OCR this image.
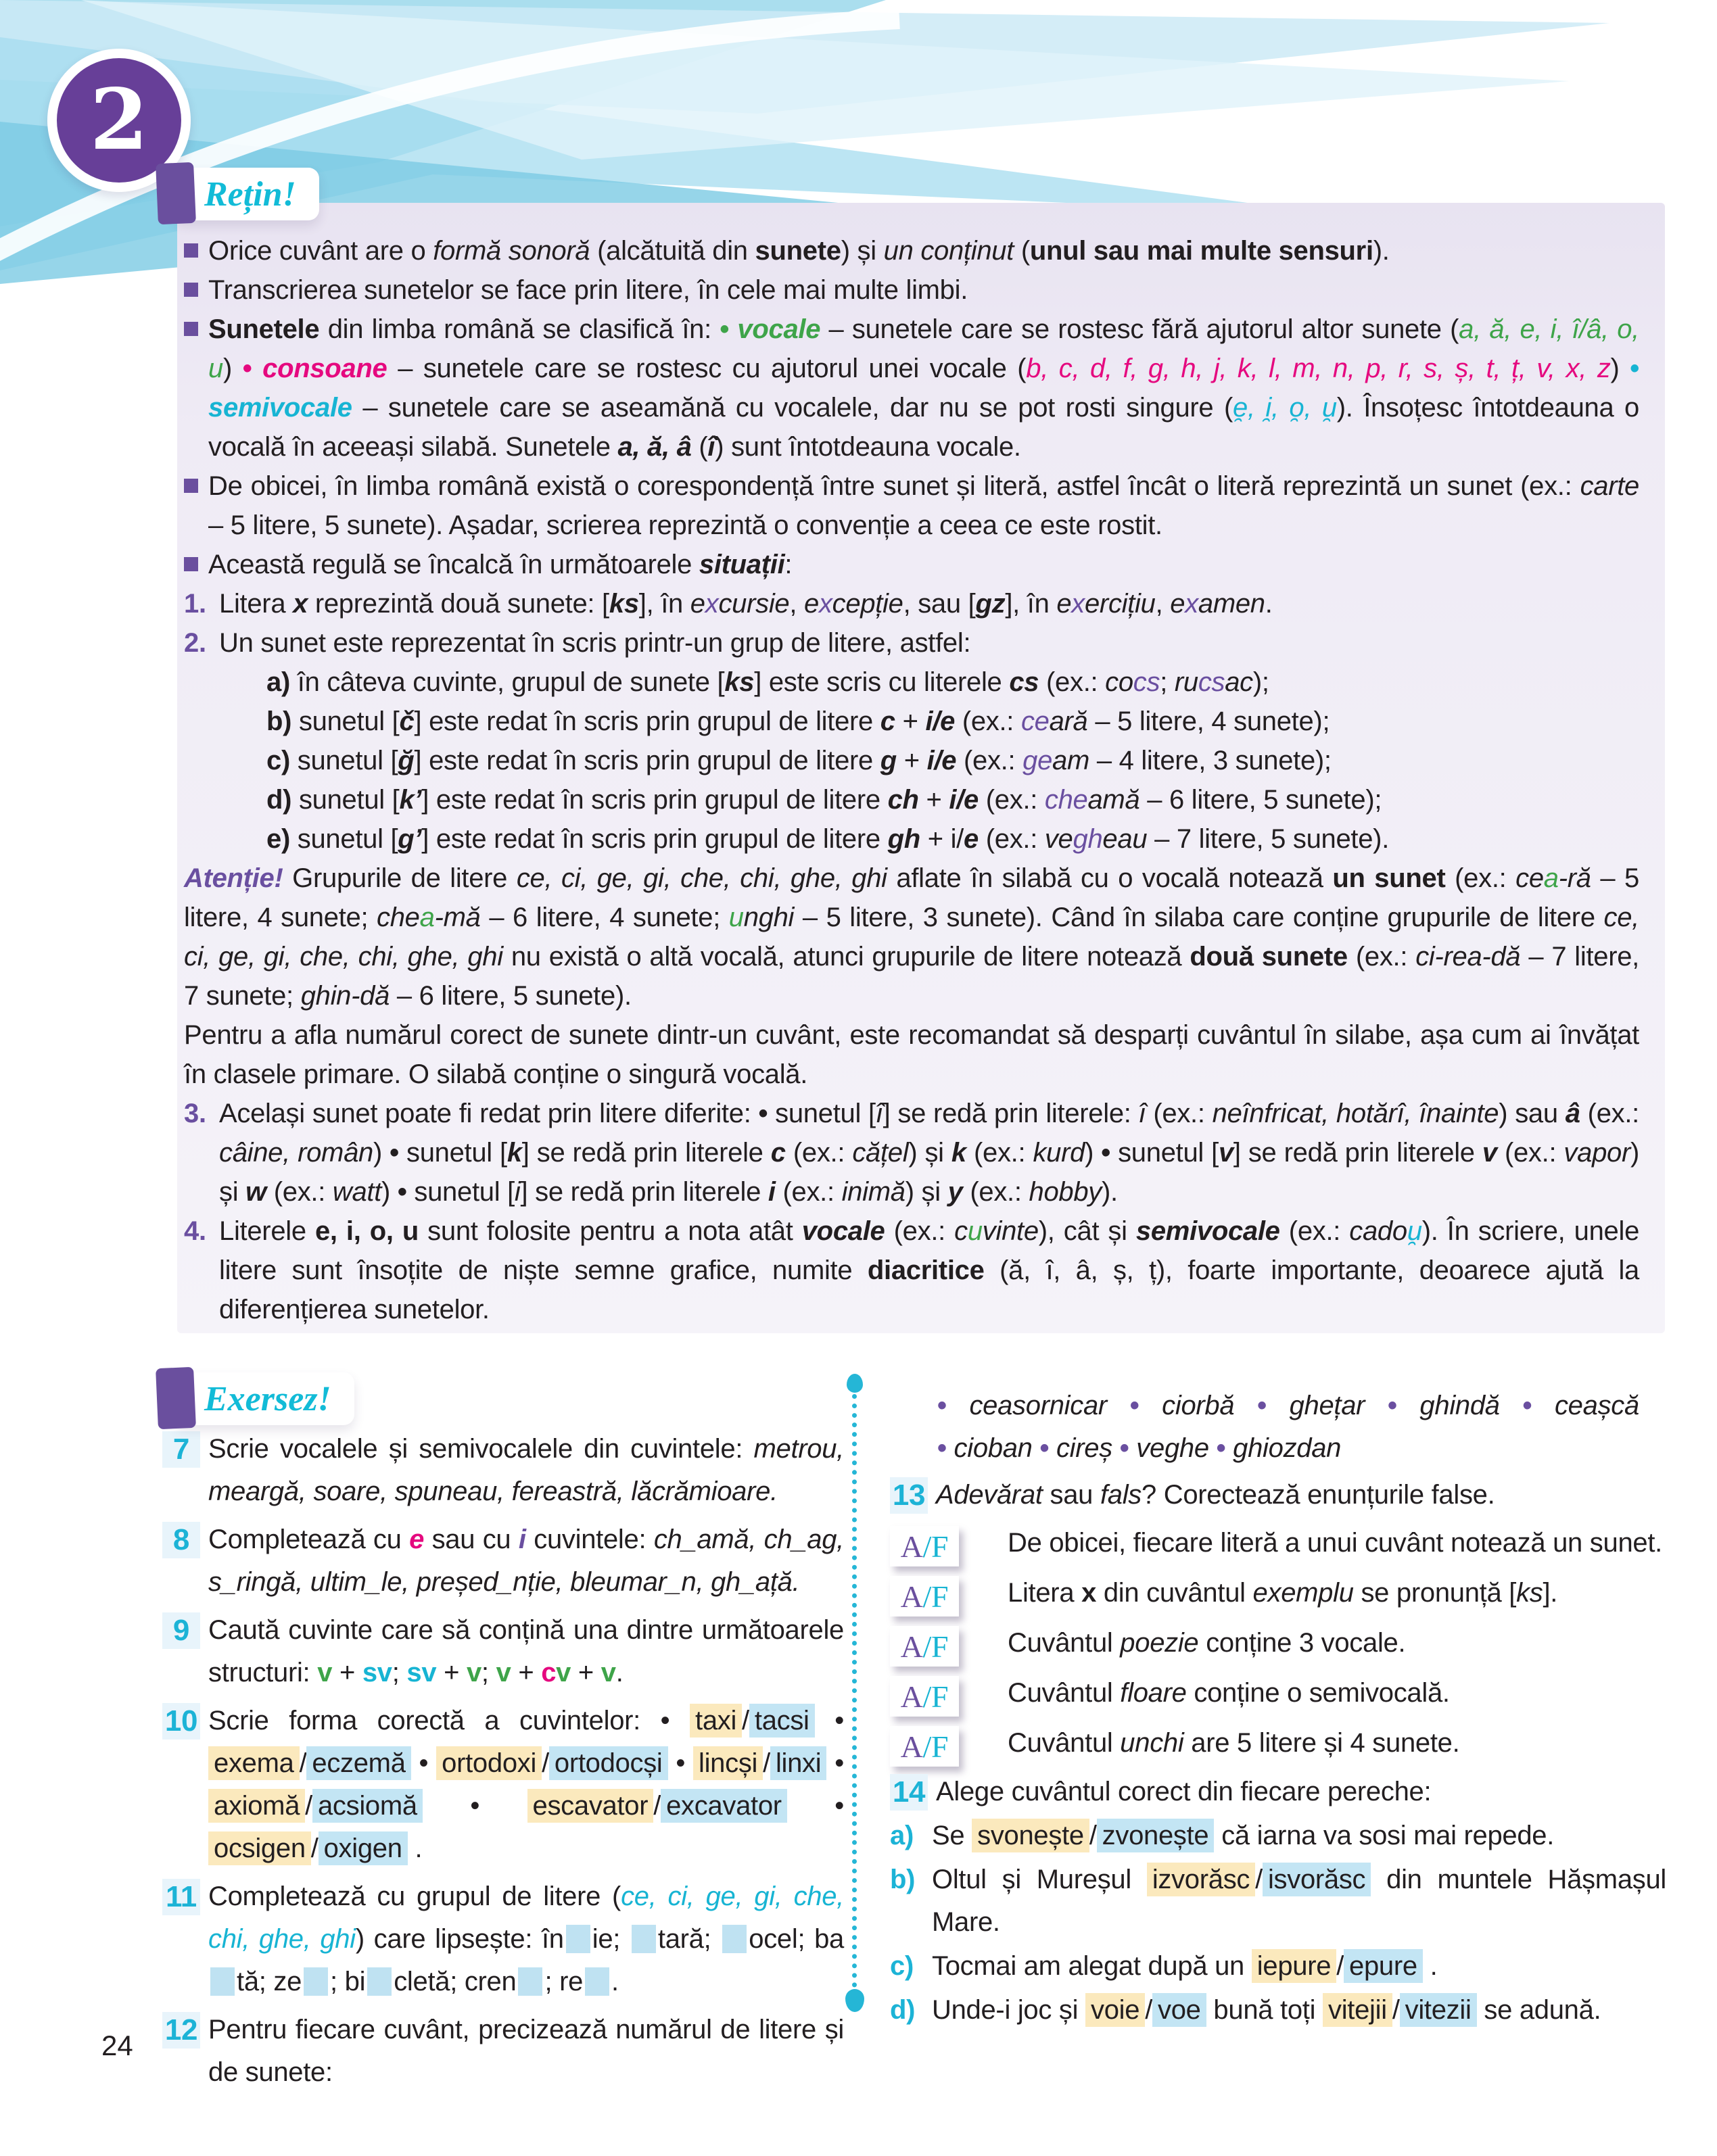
2
Rețin!
Orice cuvânt are o formă sonoră (alcătuită din sunete) și un conținut (unul sau mai multe sensuri).
Transcrierea sunetelor se face prin litere, în cele mai multe limbi.
Sunetele din limba română se clasifică în: • vocale – sunetele care se rostesc fără ajutorul altor sunete (a, ă, e, i, î/â, o, u) • consoane – sunetele care se rostesc cu ajutorul unei vocale (b, c, d, f, g, h, j, k, l, m, n, p, r, s, ș, t, ț, v, x, z) • semivocale – sunetele care se aseamănă cu vocalele, dar nu se pot rosti singure (e̯, i̯, o̯, u̯). Însoțesc întotdeauna o vocală în aceeași silabă. Sunetele a, ă, â (î) sunt întotdeauna vocale.
De obicei, în limba română există o corespondență între sunet și literă, astfel încât o literă reprezintă un sunet (ex.: carte – 5 litere, 5 sunete). Așadar, scrierea reprezintă o convenție a ceea ce este rostit.
Această regulă se încalcă în următoarele situații:
1. Litera x reprezintă două sunete: [ks], în excursie, excepție, sau [gz], în exercițiu, examen.
2. Un sunet este reprezentat în scris printr-un grup de litere, astfel:
a) în câteva cuvinte, grupul de sunete [ks] este scris cu literele cs (ex.: cocs; rucsac);
b) sunetul [č] este redat în scris prin grupul de litere c + i/e (ex.: ceară – 5 litere, 4 sunete);
c) sunetul [ğ] este redat în scris prin grupul de litere g + i/e (ex.: geam – 4 litere, 3 sunete);
d) sunetul [kʼ] este redat în scris prin grupul de litere ch + i/e (ex.: cheamă – 6 litere, 5 sunete);
e) sunetul [gʼ] este redat în scris prin grupul de litere gh + i/e (ex.: vegheau – 7 litere, 5 sunete).
Atenție! Grupurile de litere ce, ci, ge, gi, che, chi, ghe, ghi aflate în silabă cu o vocală notează un sunet (ex.: cea-ră – 5 litere, 4 sunete; chea-mă – 6 litere, 4 sunete; unghi – 5 litere, 3 sunete). Când în silaba care conține grupurile de litere ce, ci, ge, gi, che, chi, ghe, ghi nu există o altă vocală, atunci grupurile de litere notează două sunete (ex.: ci-rea-dă – 7 litere, 7 sunete; ghin-dă – 6 litere, 5 sunete).
Pentru a afla numărul corect de sunete dintr-un cuvânt, este recomandat să desparți cuvântul în silabe, așa cum ai învățat în clasele primare. O silabă conține o singură vocală.
3. Același sunet poate fi redat prin litere diferite: • sunetul [î] se redă prin literele: î (ex.: neînfricat, hotărî, înainte) sau â (ex.: câine, român) • sunetul [k] se redă prin literele c (ex.: cățel) și k (ex.: kurd) • sunetul [v] se redă prin literele v (ex.: vapor) și w (ex.: watt) • sunetul [i] se redă prin literele i (ex.: inimă) și y (ex.: hobby).
4. Literele e, i, o, u sunt folosite pentru a nota atât vocale (ex.: cuvinte), cât și semivocale (ex.: cadou̯). În scriere, unele litere sunt însoțite de niște semne grafice, numite diacritice (ă, î, â, ș, ț), foarte importante, deoarece ajută la diferențierea sunetelor.
Exersez!
7 Scrie vocalele și semivocalele din cuvintele: metrou, meargă, soare, spuneau, fereastră, lăcrămioare.
8 Completează cu e sau cu i cuvintele: ch_amă, ch_ag, s_ringă, ultim_le, președ_nție, bleumar_n, gh_ață.
9 Caută cuvinte care să conțină una dintre următoarele structuri: v + sv; sv + v; v + cv + v.
10 Scrie forma corectă a cuvintelor: • taxi / tacsi • exema / eczemă • ortodoxi / ortodocși • lincși / linxi • axiomă / acsiomă • escavator / excavator • ocsigen / oxigen .
11 Completează cu grupul de litere (ce, ci, ge, gi, che, chi, ghe, ghi) care lipsește: în ie; tară; ocel; bată; ze ; bi cletă; cren ; re .
12 Pentru fiecare cuvânt, precizează numărul de litere și de sunete:
• ceasornicar • ciorbă • ghețar • ghindă • ceașcă
• cioban • cireș • veghe • ghiozdan
13 Adevărat sau fals? Corectează enunțurile false.
A / F De obicei, fiecare literă a unui cuvânt notează un sunet.
A / F Litera x din cuvântul exemplu se pronunță [ks].
A / F Cuvântul poezie conține 3 vocale.
A / F Cuvântul floare conține o semivocală.
A / F Cuvântul unchi are 5 litere și 4 sunete.
14 Alege cuvântul corect din fiecare pereche:
a) Se svonește / zvonește că iarna va sosi mai repede.
b) Oltul și Mureșul izvorăsc / isvorăsc din muntele Hășmașul Mare.
c) Tocmai am alegat după un iepure / epure .
d) Unde-i joc și voie / voe bună toți vitejii / vitezii se adună.
24
